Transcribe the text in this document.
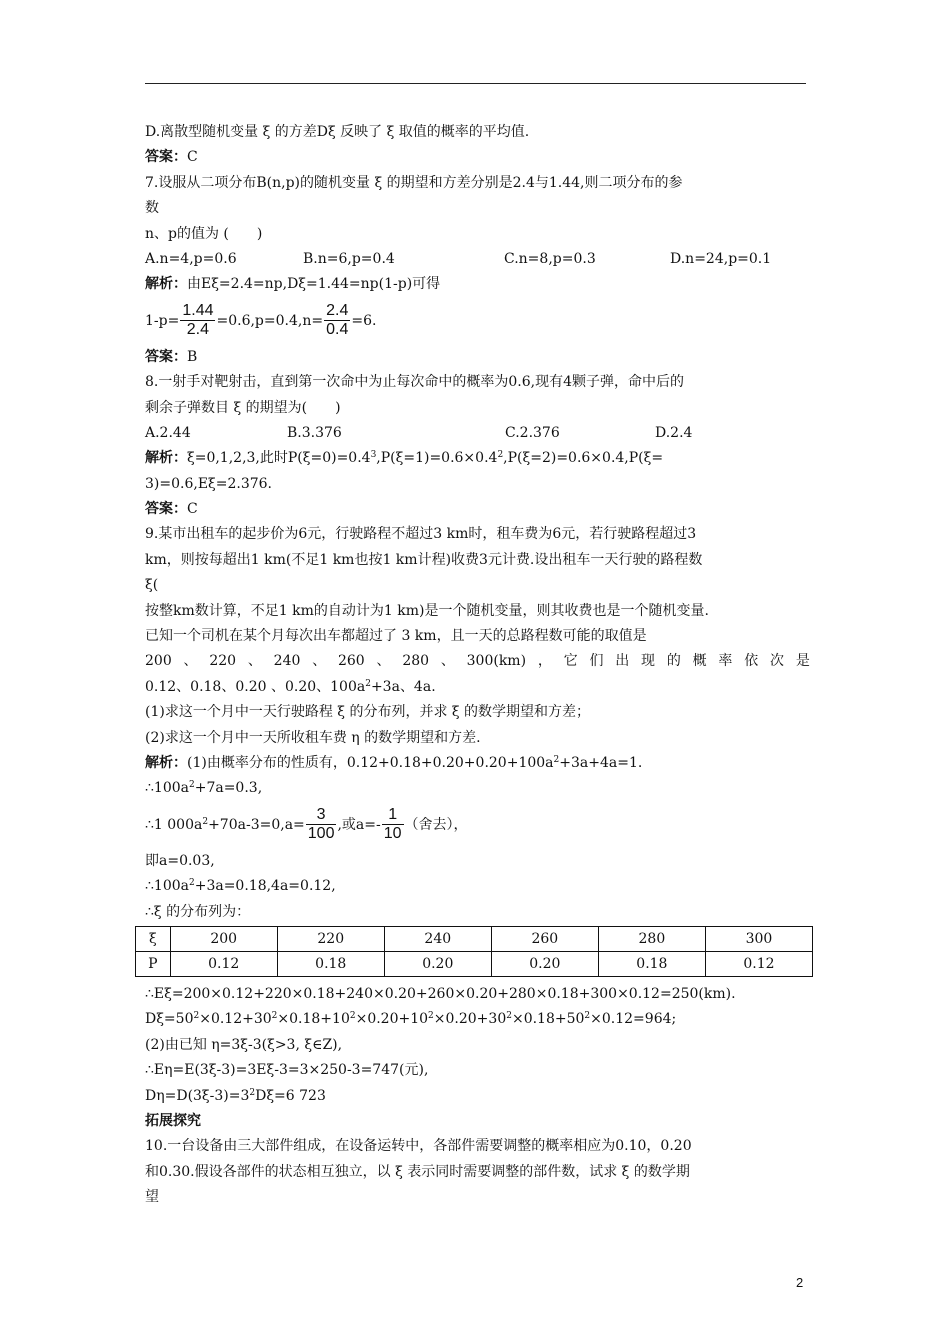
D.离散型随机变量 ξ 的方差Dξ 反映了 ξ 取值的概率的平均值.
答案：C
7.设服从二项分布B(n,p)的随机变量 ξ 的期望和方差分别是2.4与1.44,则二项分布的参
数
n、p的值为 (　　)
A.n=4,p=0.6	B.n=6,p=0.4	C.n=8,p=0.3	D.n=24,p=0.1
解析：由Eξ=2.4=np,Dξ=1.44=np(1-p)可得
$1-p= \frac{1.44}{2.4} =0.6,p=0.4,n= \frac{2.4}{0.4} =6$.
答案：B
8.一射手对靶射击，直到第一次命中为止每次命中的概率为0.6,现有4颗子弹，命中后的
剩余子弹数目 ξ 的期望为(　　)
A.2.44	B.3.376	C.2.376	D.2.4
解析：ξ=0,1,2,3,此时$P(\xi=0)=0.4^3,P(\xi=1)=0.6\times 0.4^2,P(\xi=2)=0.6\times 0.4,P(\xi=$
3)=0.6,Eξ=2.376.
答案：C
9.某市出租车的起步价为6元，行驶路程不超过3 km时，租车费为6元，若行驶路程超过3
km，则按每超出1 km(不足1 km也按1 km计程)收费3元计费.设出租车一天行驶的路程数
ξ(
按整km数计算，不足1 km的自动计为1 km)是一个随机变量，则其收费也是一个随机变量.
已知一个司机在某个月每次出车都超过了 3 km，且一天的总路程数可能的取值是
200 、 220 、 240 、 260 、 280 、 300(km) ， 它 们 出 现 的 概 率 依 次 是
0.12、0.18、0.20 、0.20、$100a^2+3a$、4a.
(1)求这一个月中一天行驶路程 ξ 的分布列，并求 ξ 的数学期望和方差；
(2)求这一个月中一天所收租车费 η 的数学期望和方差.
解析：(1)由概率分布的性质有，$0.12+0.18+0.20+0.20+100a^2+3a+4a=1$.
$\therefore 100a^2+7a=0.3$,
∴1 $000a^2+70a-3=0,a= \frac{3}{100}$ ,或$a=- \frac{1}{10}$ （舍去），
即a=0.03,
$\therefore 100a^2+3a=0.18,4a=0.12$,
∴ξ 的分布列为：
ξ	200	220	240	260	280	300
P	0.12	0.18	0.20	0.20	0.18	0.12
∴Eξ=200×0.12+220×0.18+240×0.20+260×0.20+280×0.18+300×0.12=250(km).
$D\xi=50^2\times 0.12+30^2\times 0.18+10^2\times 0.20+10^2\times 0.20+30^2\times 0.18+50^2\times 0.12=964$;
(2)由已知 η=3ξ-3(ξ>3, ξ∈Z),
∴Eη=E(3ξ-3)=3Eξ-3=3×250-3=747(元),
$D\eta=D(3\xi-3)=3^2D\xi=6$ 723
拓展探究
10.一台设备由三大部件组成，在设备运转中，各部件需要调整的概率相应为0.10，0.20
和0.30.假设各部件的状态相互独立，以 ξ 表示同时需要调整的部件数，试求 ξ 的数学期
望
2
